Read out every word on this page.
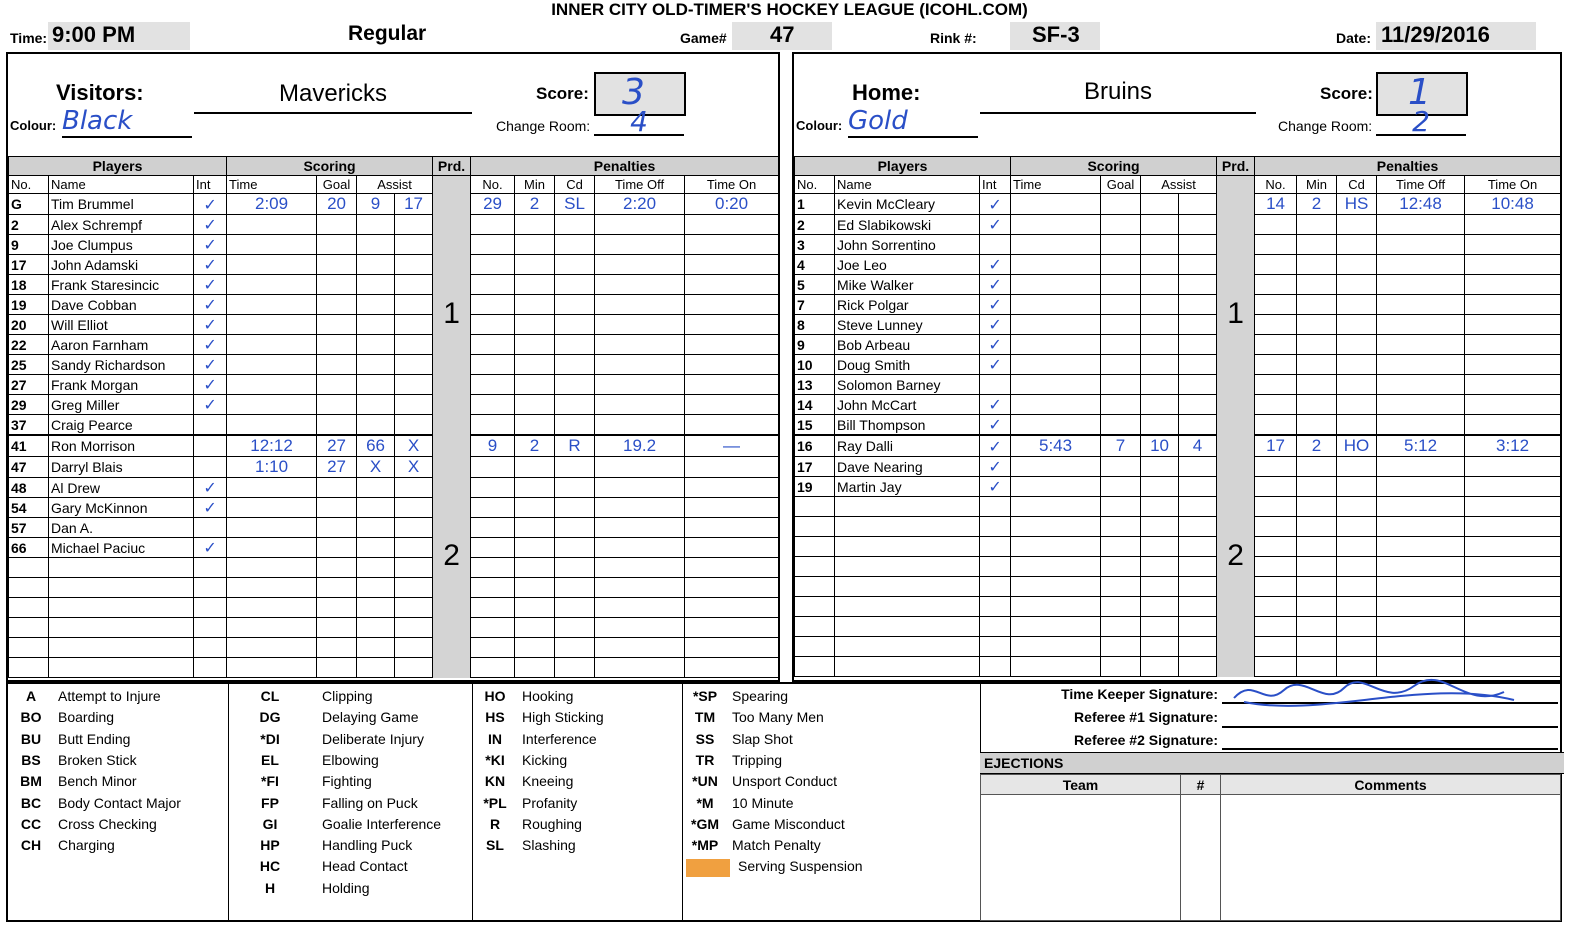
INNER CITY OLD-TIMER'S HOCKEY LEAGUE (ICOHL.COM)
Time: 9:00 PM	Regular	Game# 47	Rink #:	SF-3	Date: 11/29/2016
Visitors:	Mavericks
Colour: Black
Score: 3
Change Room:	4
Players			Scoring				Prd.	Penalties				
No.	Name	Int	Time	Goal	Assist			No.	Min	Cd	Time Off	Time On
G	Tim Brummel	✓	2:09	20	9	17	1	29	2	SL	2:20	0:20
2	Alex Schrempf	✓										
9	Joe Clumpus	✓										
17	John Adamski	✓										
18	Frank Staresincic	✓										
19	Dave Cobban	✓										
20	Will Elliot	✓										
22	Aaron Farnham	✓										
25	Sandy Richardson	✓										
27	Frank Morgan	✓										
29	Greg Miller	✓										
37	Craig Pearce											
41	Ron Morrison		12:12	27	66	X	2	9	2	R	19.2	—
47	Darryl Blais		1:10	27	X	X						
48	Al Drew	✓										
54	Gary McKinnon	✓										
57	Dan A.											
66	Michael Paciuc	✓										

Home:	Bruins
Colour: Gold
Score: 1
Change Room:	2
Players			Scoring				Prd.	Penalties				
No.	Name	Int	Time	Goal	Assist			No.	Min	Cd	Time Off	Time On
1	Kevin McCleary	✓					1	14	2	HS	12:48	10:48
2	Ed Slabikowski	✓										
3	John Sorrentino											
4	Joe Leo	✓										
5	Mike Walker	✓										
7	Rick Polgar	✓										
8	Steve Lunney	✓										
9	Bob Arbeau	✓										
10	Doug Smith	✓										
13	Solomon Barney											
14	John McCart	✓										
15	Bill Thompson	✓										
16	Ray Dalli	✓	5:43	7	10	4	2	17	2	HO	5:12	3:12
17	Dave Nearing	✓										
19	Martin Jay	✓										

A Attempt to Injure
BO Boarding
BU Butt Ending
BS Broken Stick
BM Bench Minor
BC Body Contact Major
CC Cross Checking
CH Charging
CL	Clipping
DG	Delaying Game
*DI	Deliberate Injury
EL	Elbowing
*FI	Fighting
FP	Falling on Puck
GI	Goalie Interference
HP	Handling Puck
HC	Head Contact
H	Holding
HO Hooking
HS High Sticking
IN Interference
*KI Kicking
KN Kneeing
*PL Profanity
R Roughing
SL Slashing
*SP Spearing
TM Too Many Men
SS Slap Shot
TR Tripping
*UN Unsport Conduct
*M 10 Minute
*GM Game Misconduct
*MP Match Penalty
Serving Suspension
Time Keeper Signature:
Referee #1 Signature:
Referee #2 Signature:
EJECTIONS
Team	#	Comments
